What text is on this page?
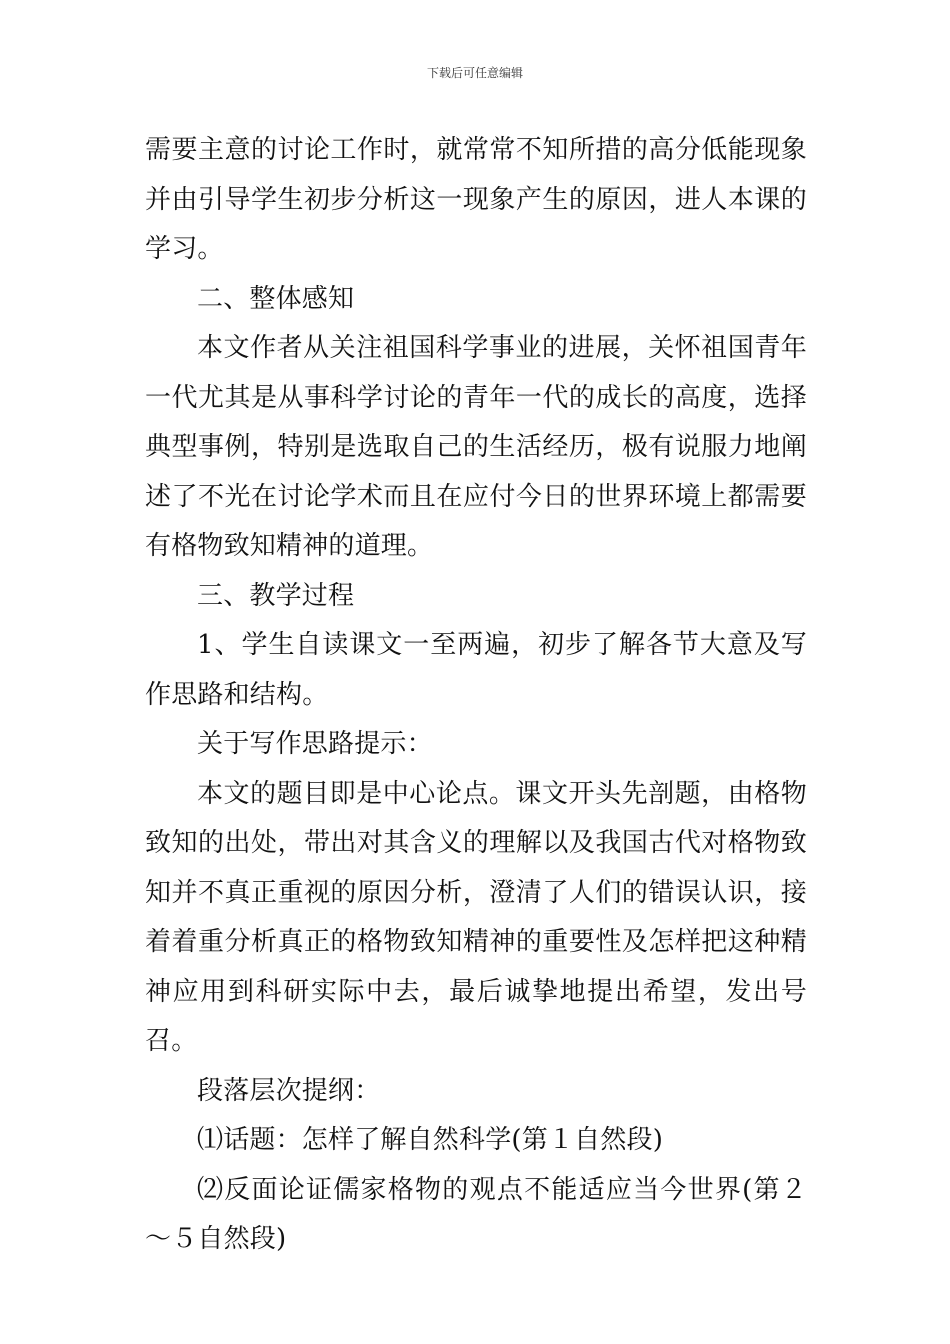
下载后可任意编辑

需要主意的讨论工作时，就常常不知所措的高分低能现象并由引导学生初步分析这一现象产生的原因，进人本课的学习。

二、整体感知

本文作者从关注祖国科学事业的进展，关怀祖国青年一代尤其是从事科学讨论的青年一代的成长的高度，选择典型事例，特别是选取自己的生活经历，极有说服力地阐述了不光在讨论学术而且在应付今日的世界环境上都需要有格物致知精神的道理。

三、教学过程

1、学生自读课文一至两遍，初步了解各节大意及写作思路和结构。

关于写作思路提示：

本文的题目即是中心论点。课文开头先剖题，由格物致知的出处，带出对其含义的理解以及我国古代对格物致知并不真正重视的原因分析，澄清了人们的错误认识，接着着重分析真正的格物致知精神的重要性及怎样把这种精神应用到科研实际中去，最后诚挚地提出希望，发出号召。

段落层次提纲：

⑴话题：怎样了解自然科学(第１自然段)

⑵反面论证儒家格物的观点不能适应当今世界(第２～５自然段)
